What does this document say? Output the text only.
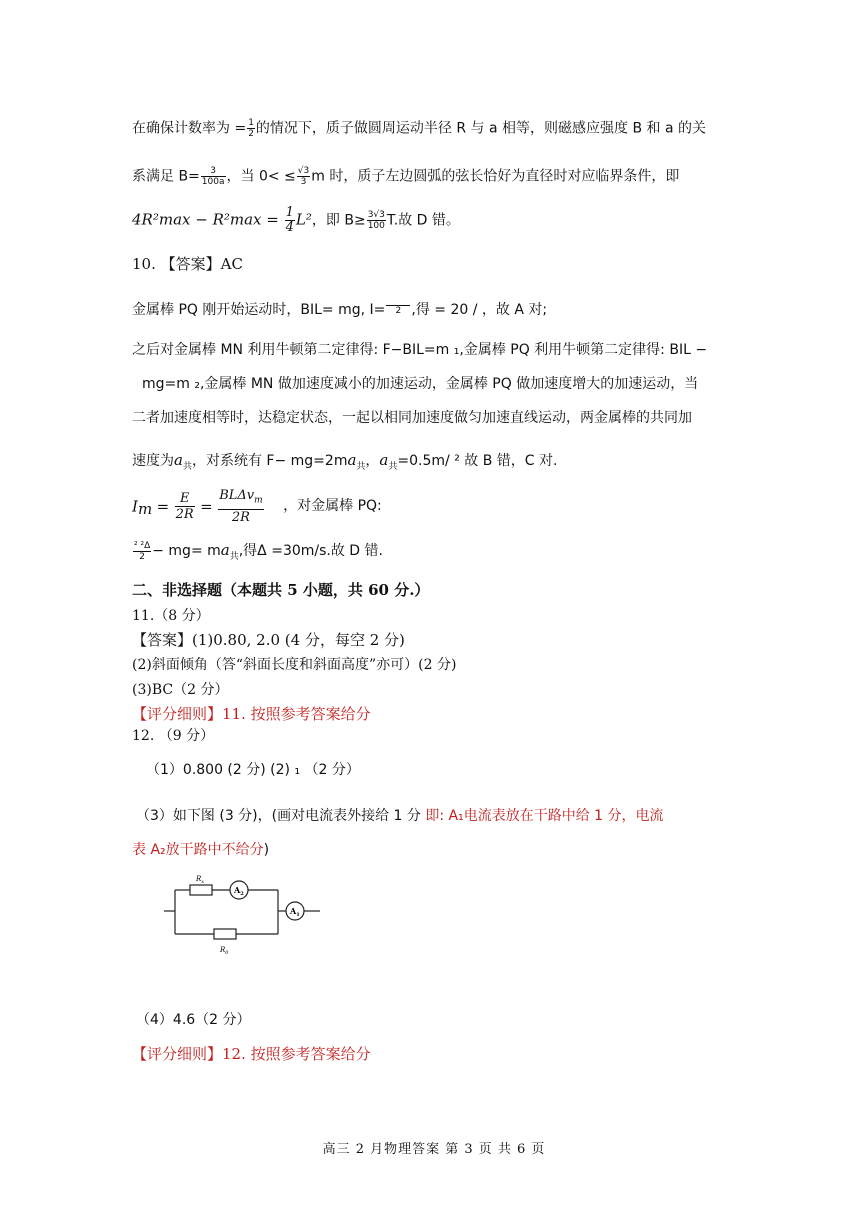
在确保计数率为 = $\frac{1}{2}$ 的情况下，质子做圆周运动半径 R 与 a 相等，则磁感应强度 B 和 a 的关
系满足 $B= \frac{3}{100a}$ ，当 $0< \le \frac{√3}{3}$ m 时，质子左边圆弧的弦长恰好为直径时对应临界条件，即
$4R^2\max - R^2\max = \frac{1}{4} L^2$，即 $B\ge \frac{3√3}{100} T$.故 D 错。
10. 【答案】AC
金属棒 PQ 刚开始运动时，BIL= mg, I=	2 ,得 = 20 / ，故 A 对;
之后对金属棒 MN 利用牛顿第二定律得: F−BIL=m ₁,金属棒 PQ 利用牛顿第二定律得: BIL −
mg=m ₂,金属棒 MN 做加速度减小的加速运动，金属棒 PQ 做加速度增大的加速运动，当
二者加速度相等时，达稳定状态，一起以相同加速度做匀加速直线运动，两金属棒的共同加
速度为$a_共$，对系统有 $F- mg=2ma_共$，$a_共=0.5m/$ ² 故 B 错，C 对.
$I_m = \frac{E}{2R} = \frac{BL\Delta v_m}{2R}$ ，对金属棒 PQ:
$\frac{\text{² ²Δ}}{2} - mg= ma_共$,得Δ =30m/s.故 D 错.
二、非选择题（本题共 5 小题，共 60 分.）
11.（8 分）
【答案】(1)0.80, 2.0 (4 分，每空 2 分)
(2)斜面倾角（答“斜面长度和斜面高度”亦可）(2 分)
(3)BC（2 分）
【评分细则】11. 按照参考答案给分
12. （9 分）
（1）0.800 (2 分) (2) ₁ （2 分）
（3）如下图 (3 分)，(画对电流表外接给 1 分 即: A₁电流表放在干路中给 1 分，电流
表 A₂放干路中不给分)
$R_x$
$A_2$
$A_1$
$R_0$
（4）4.6（2 分）
【评分细则】12. 按照参考答案给分
高三 2 月物理答案 第 3 页 共 6 页
